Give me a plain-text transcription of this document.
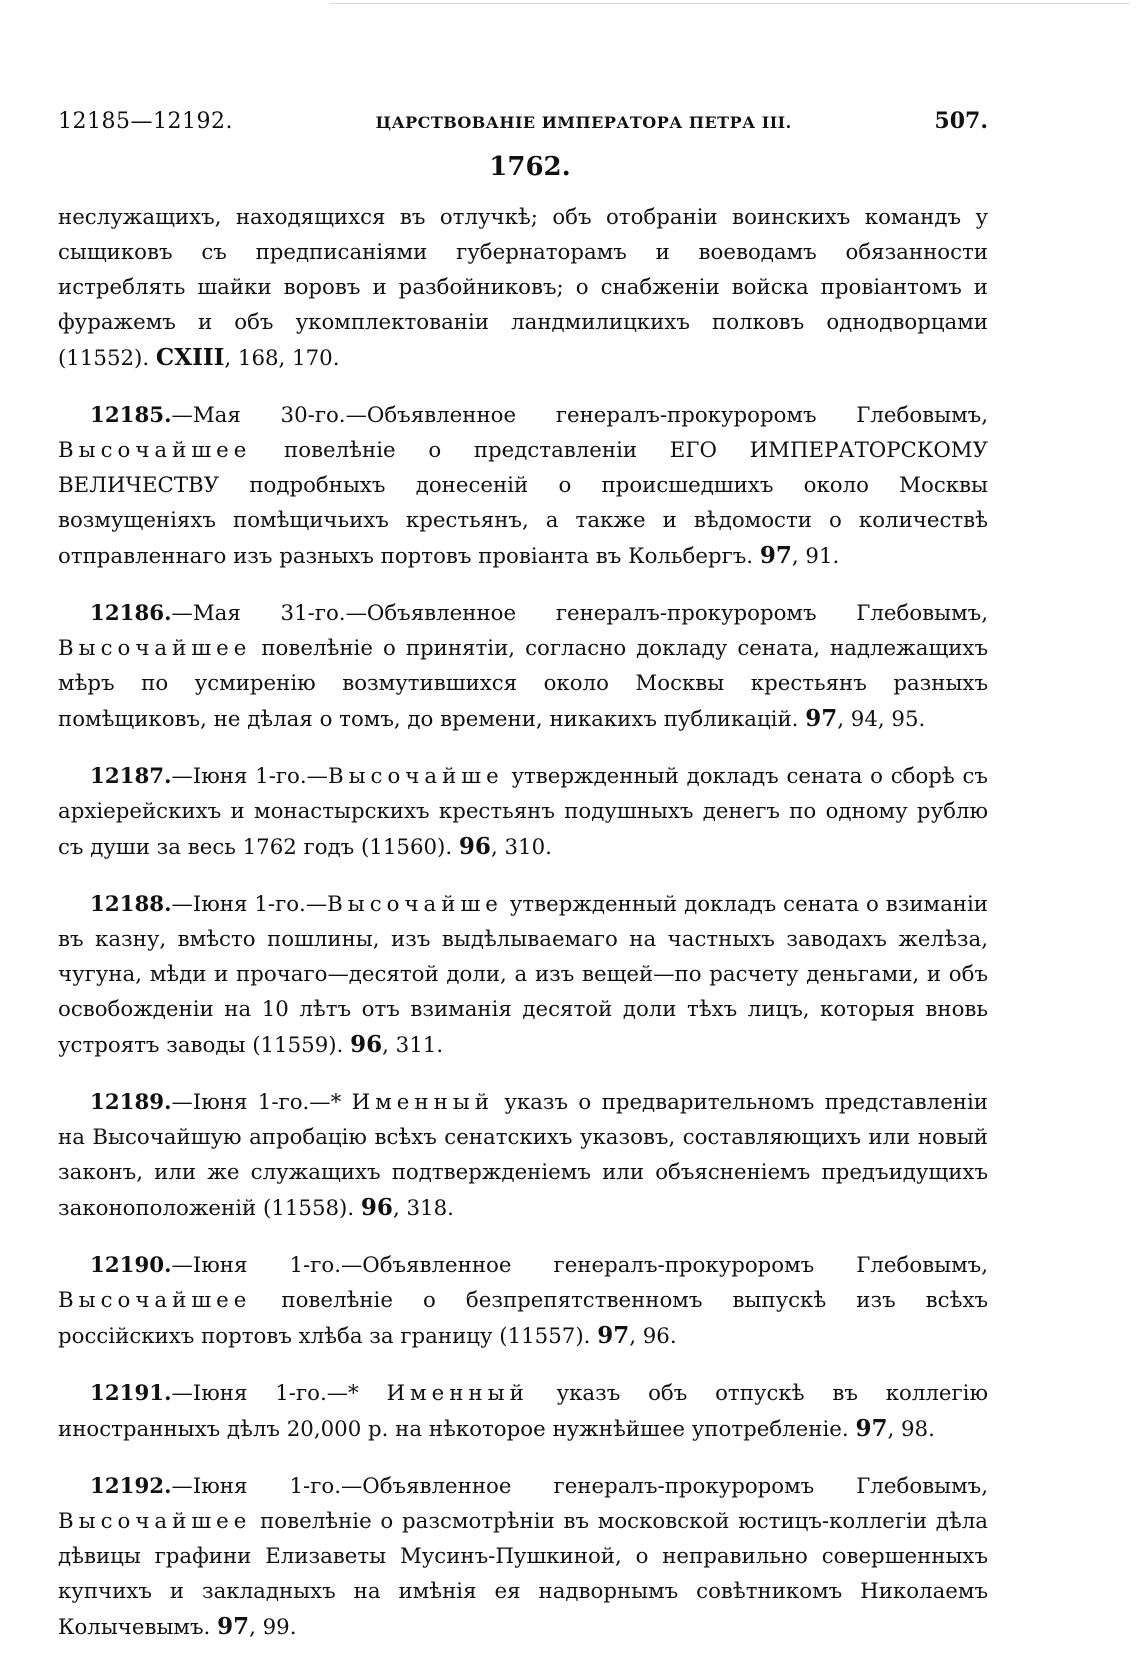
12185—12192.	ЦАРСТВОВАНІЕ ИМПЕРАТОРА ПЕТРА III.	507.
1762.

неслужащихъ, находящихся въ отлучкѣ; объ отобраніи воинскихъ командъ у сыщиковъ съ предписаніями губернаторамъ и воеводамъ обязанности истреблять шайки воровъ и разбойниковъ; о снабженіи войска провіантомъ и фуражемъ и объ укомплектованіи ландмилицкихъ полковъ однодворцами (11552). CXIII, 168, 170.

12185.—Мая 30-го.—Объявленное генералъ-прокуроромъ Глебовымъ, Высочайшее повелѣніе о представленіи ЕГО ИМПЕРАТОРСКОМУ ВЕЛИЧЕСТВУ подробныхъ донесеній о происшедшихъ около Москвы возмущеніяхъ помѣщичьихъ крестьянъ, а также и вѣдомости о количествѣ отправленнаго изъ разныхъ портовъ провіанта въ Кольбергъ. 97, 91.

12186.—Мая 31-го.—Объявленное генералъ-прокуроромъ Глебовымъ, Высочайшее повелѣніе о принятіи, согласно докладу сената, надлежащихъ мѣръ по усмиренію возмутившихся около Москвы крестьянъ разныхъ помѣщиковъ, не дѣлая о томъ, до времени, никакихъ публикацій. 97, 94, 95.

12187.—Іюня 1-го.—Высочайше утвержденный докладъ сената о сборѣ съ архіерейскихъ и монастырскихъ крестьянъ подушныхъ денегъ по одному рублю съ души за весь 1762 годъ (11560). 96, 310.

12188.—Іюня 1-го.—Высочайше утвержденный докладъ сената о взиманіи въ казну, вмѣсто пошлины, изъ выдѣлываемаго на частныхъ заводахъ желѣза, чугуна, мѣди и прочаго—десятой доли, а изъ вещей—по расчету деньгами, и объ освобожденіи на 10 лѣтъ отъ взиманія десятой доли тѣхъ лицъ, которыя вновь устроятъ заводы (11559). 96, 311.

12189.—Іюня 1-го.—* Именный указъ о предварительномъ представленіи на Высочайшую апробацію всѣхъ сенатскихъ указовъ, составляющихъ или новый законъ, или же служащихъ подтвержденіемъ или объясненіемъ предъидущихъ законоположеній (11558). 96, 318.

12190.—Іюня 1-го.—Объявленное генералъ-прокуроромъ Глебовымъ, Высочайшее повелѣніе о безпрепятственномъ выпускѣ изъ всѣхъ россійскихъ портовъ хлѣба за границу (11557). 97, 96.

12191.—Іюня 1-го.—* Именный указъ объ отпускѣ въ коллегію иностранныхъ дѣлъ 20,000 р. на нѣкоторое нужнѣйшее употребленіе. 97, 98.

12192.—Іюня 1-го.—Объявленное генералъ-прокуроромъ Глебовымъ, Высочайшее повелѣніе о разсмотрѣніи въ московской юстицъ-коллегіи дѣла дѣвицы графини Елизаветы Мусинъ-Пушкиной, о неправильно совершенныхъ купчихъ и закладныхъ на имѣнія ея надворнымъ совѣтникомъ Николаемъ Колычевымъ. 97, 99.
